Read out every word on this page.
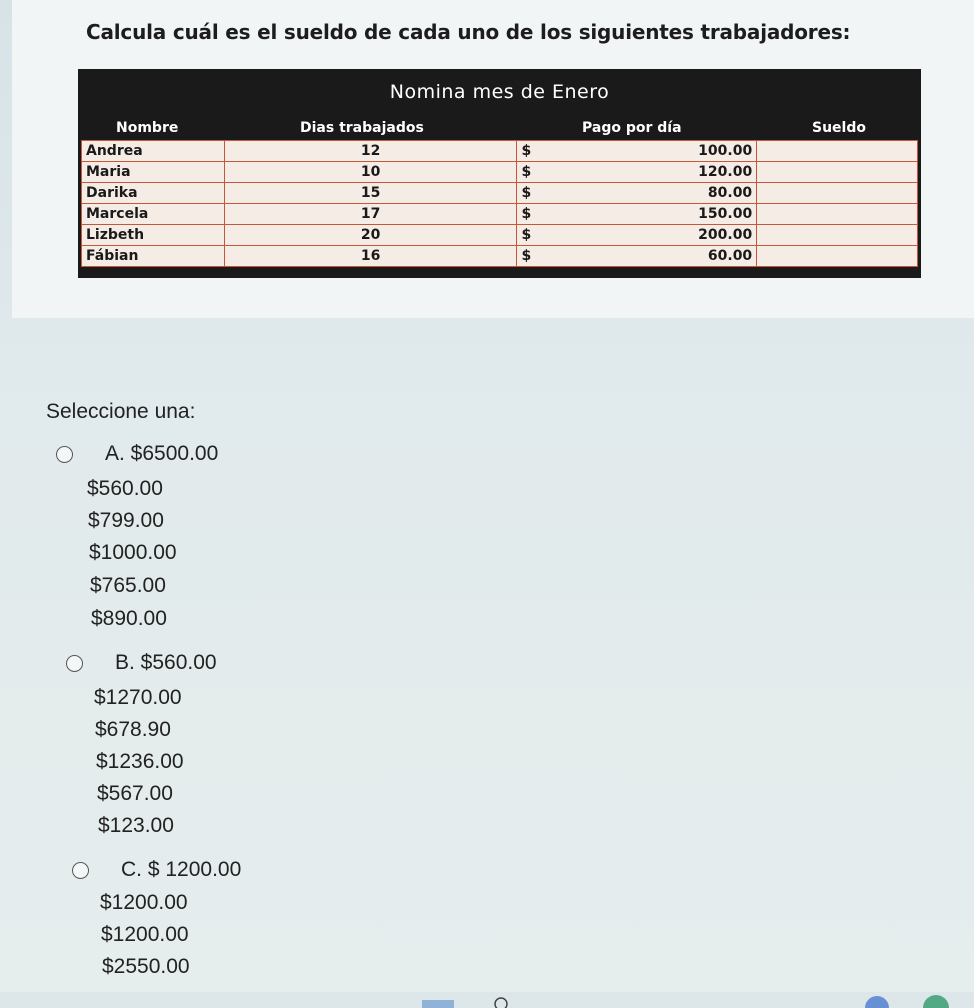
Calcula cuál es el sueldo de cada uno de los siguientes trabajadores:
Nomina mes de Enero
Nombre	Dias trabajados	Pago por día	Sueldo
Andrea	12	$	100.00	
Maria	10	$	120.00	
Darika	15	$	80.00	
Marcela	17	$	150.00	
Lizbeth	20	$	200.00	
Fábian	16	$	60.00	
Seleccione una:
A. $6500.00
$560.00
$799.00
$1000.00
$765.00
$890.00
B. $560.00
$1270.00
$678.90
$1236.00
$567.00
$123.00
C. $ 1200.00
$1200.00
$1200.00
$2550.00
